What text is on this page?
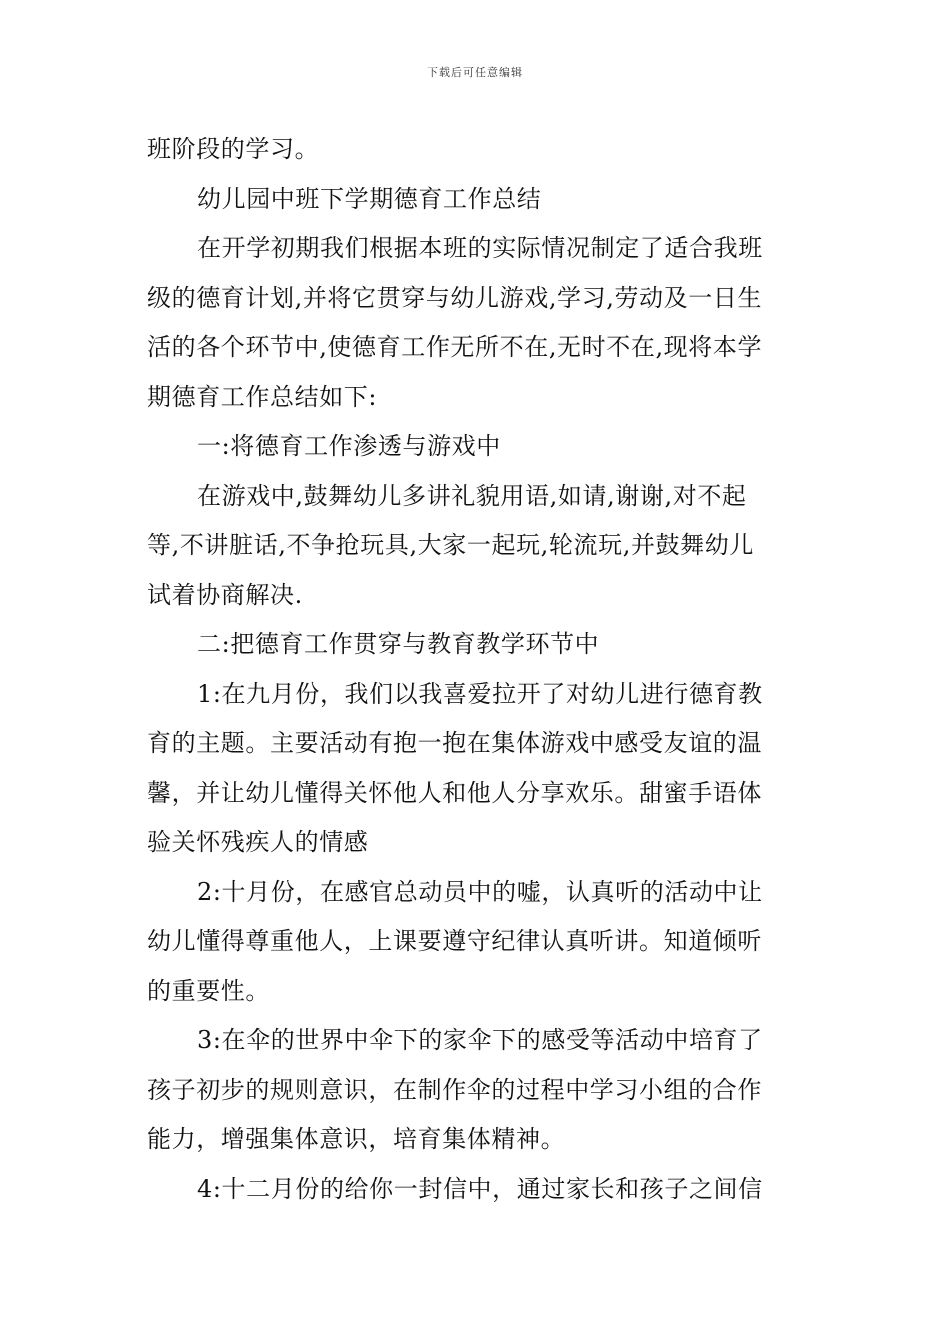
下载后可任意编辑
班阶段的学习。
幼儿园中班下学期德育工作总结
在开学初期我们根据本班的实际情况制定了适合我班
级的德育计划,并将它贯穿与幼儿游戏,学习,劳动及一日生
活的各个环节中,使德育工作无所不在,无时不在,现将本学
期德育工作总结如下:
一:将德育工作渗透与游戏中
在游戏中,鼓舞幼儿多讲礼貌用语,如请,谢谢,对不起
等,不讲脏话,不争抢玩具,大家一起玩,轮流玩,并鼓舞幼儿
试着协商解决.
二:把德育工作贯穿与教育教学环节中
1:在九月份，我们以我喜爱拉开了对幼儿进行德育教
育的主题。主要活动有抱一抱在集体游戏中感受友谊的温
馨，并让幼儿懂得关怀他人和他人分享欢乐。甜蜜手语体
验关怀残疾人的情感
2:十月份，在感官总动员中的嘘，认真听的活动中让
幼儿懂得尊重他人，上课要遵守纪律认真听讲。知道倾听
的重要性。
3:在伞的世界中伞下的家伞下的感受等活动中培育了
孩子初步的规则意识，在制作伞的过程中学习小组的合作
能力，增强集体意识，培育集体精神。
4:十二月份的给你一封信中，通过家长和孩子之间信
